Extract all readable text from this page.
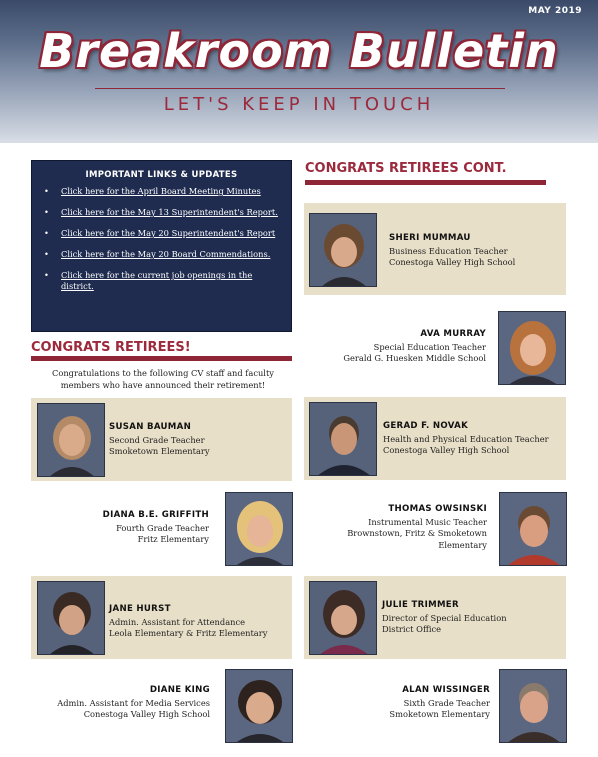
MAY 2019
Breakroom Bulletin
LET'S KEEP IN TOUCH
IMPORTANT LINKS & UPDATES
• Click here for the April Board Meeting Minutes
• Click here for the May 13 Superintendent's Report.
• Click here for the May 20 Superintendent's Report
• Click here for the May 20 Board Commendations.
• Click here for the current job openings in the district.
CONGRATS RETIREES CONT.
CONGRATS RETIREES!
Congratulations to the following CV staff and faculty members who have announced their retirement!
SUSAN BAUMAN
Second Grade Teacher
Smoketown Elementary
DIANA B.E. GRIFFITH
Fourth Grade Teacher
Fritz Elementary
JANE HURST
Admin. Assistant for Attendance
Leola Elementary & Fritz Elementary
DIANE KING
Admin. Assistant for Media Services
Conestoga Valley High School
SHERI MUMMAU
Business Education Teacher
Conestoga Valley High School
AVA MURRAY
Special Education Teacher
Gerald G. Huesken Middle School
GERAD F. NOVAK
Health and Physical Education Teacher
Conestoga Valley High School
THOMAS OWSINSKI
Instrumental Music Teacher
Brownstown, Fritz & Smoketown
Elementary
JULIE TRIMMER
Director of Special Education
District Office
ALAN WISSINGER
Sixth Grade Teacher
Smoketown Elementary
